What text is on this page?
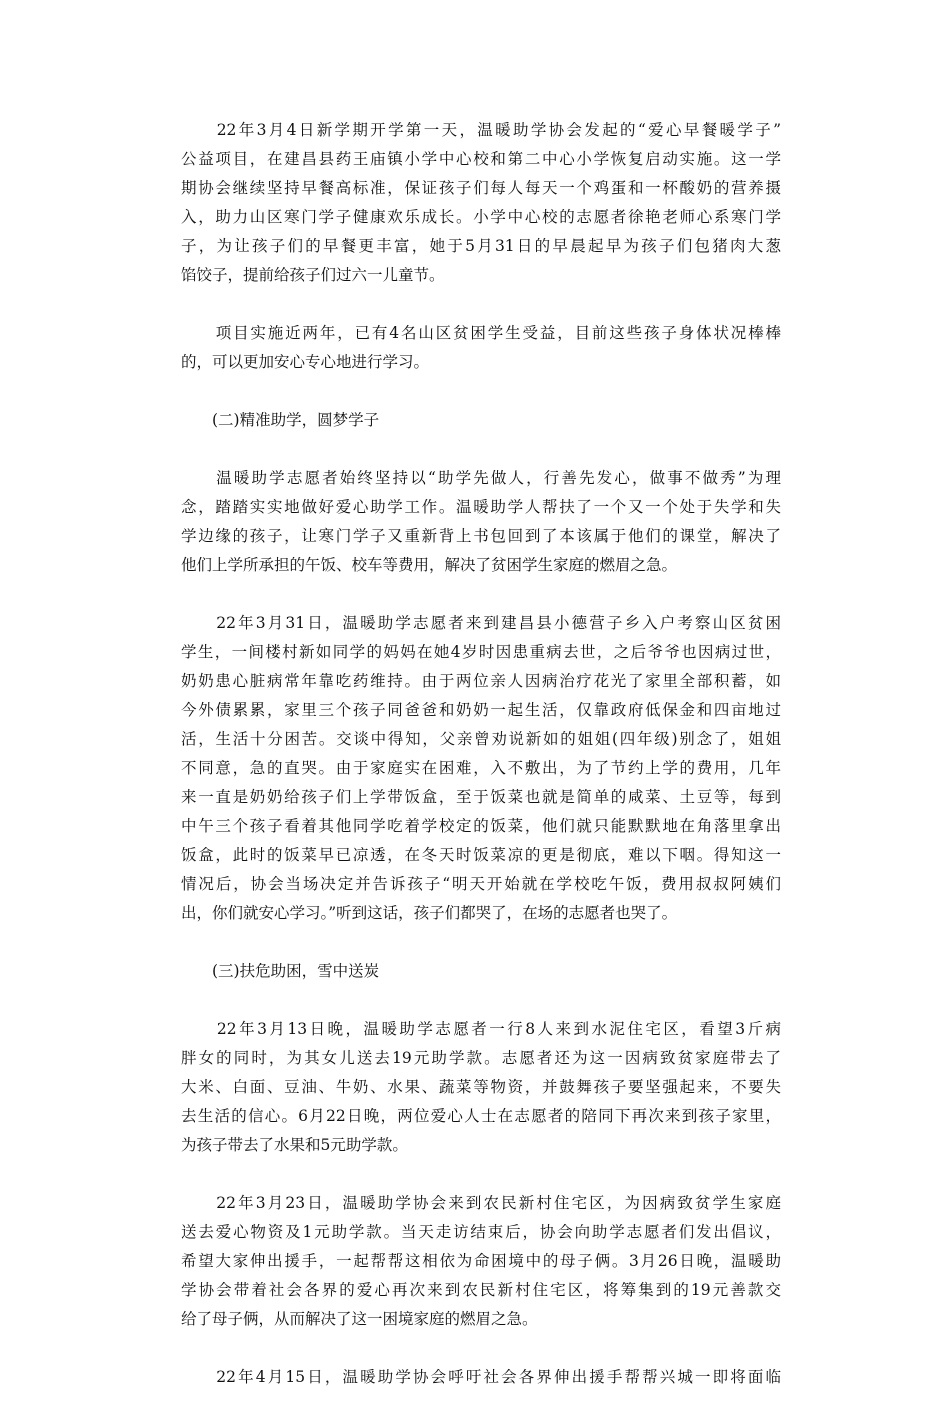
　　22年3月4日新学期开学第一天，温暖助学协会发起的“爱心早餐暖学子”
公益项目，在建昌县药王庙镇小学中心校和第二中心小学恢复启动实施。这一学
期协会继续坚持早餐高标准，保证孩子们每人每天一个鸡蛋和一杯酸奶的营养摄
入，助力山区寒门学子健康欢乐成长。小学中心校的志愿者徐艳老师心系寒门学
子，为让孩子们的早餐更丰富，她于5月31日的早晨起早为孩子们包猪肉大葱
馅饺子，提前给孩子们过六一儿童节。

　　项目实施近两年，已有4名山区贫困学生受益，目前这些孩子身体状况棒棒
的，可以更加安心专心地进行学习。

　　(二)精准助学，圆梦学子

　　温暖助学志愿者始终坚持以“助学先做人，行善先发心，做事不做秀”为理
念，踏踏实实地做好爱心助学工作。温暖助学人帮扶了一个又一个处于失学和失
学边缘的孩子，让寒门学子又重新背上书包回到了本该属于他们的课堂，解决了
他们上学所承担的午饭、校车等费用，解决了贫困学生家庭的燃眉之急。

　　22年3月31日，温暖助学志愿者来到建昌县小德营子乡入户考察山区贫困
学生，一间楼村新如同学的妈妈在她4岁时因患重病去世，之后爷爷也因病过世，
奶奶患心脏病常年靠吃药维持。由于两位亲人因病治疗花光了家里全部积蓄，如
今外债累累，家里三个孩子同爸爸和奶奶一起生活，仅靠政府低保金和四亩地过
活，生活十分困苦。交谈中得知，父亲曾劝说新如的姐姐(四年级)别念了，姐姐
不同意，急的直哭。由于家庭实在困难，入不敷出，为了节约上学的费用，几年
来一直是奶奶给孩子们上学带饭盒，至于饭菜也就是简单的咸菜、土豆等，每到
中午三个孩子看着其他同学吃着学校定的饭菜，他们就只能默默地在角落里拿出
饭盒，此时的饭菜早已凉透，在冬天时饭菜凉的更是彻底，难以下咽。得知这一
情况后，协会当场决定并告诉孩子“明天开始就在学校吃午饭，费用叔叔阿姨们
出，你们就安心学习。”听到这话，孩子们都哭了，在场的志愿者也哭了。

　　(三)扶危助困，雪中送炭

　　22年3月13日晚，温暖助学志愿者一行8人来到水泥住宅区，看望3斤病
胖女的同时，为其女儿送去19元助学款。志愿者还为这一因病致贫家庭带去了
大米、白面、豆油、牛奶、水果、蔬菜等物资，并鼓舞孩子要坚强起来，不要失
去生活的信心。6月22日晚，两位爱心人士在志愿者的陪同下再次来到孩子家里，
为孩子带去了水果和5元助学款。

　　22年3月23日，温暖助学协会来到农民新村住宅区，为因病致贫学生家庭
送去爱心物资及1元助学款。当天走访结束后，协会向助学志愿者们发出倡议，
希望大家伸出援手，一起帮帮这相依为命困境中的母子俩。3月26日晚，温暖助
学协会带着社会各界的爱心再次来到农民新村住宅区，将筹集到的19元善款交
给了母子俩，从而解决了这一困境家庭的燃眉之急。

　　22年4月15日，温暖助学协会呼吁社会各界伸出援手帮帮兴城一即将面临
